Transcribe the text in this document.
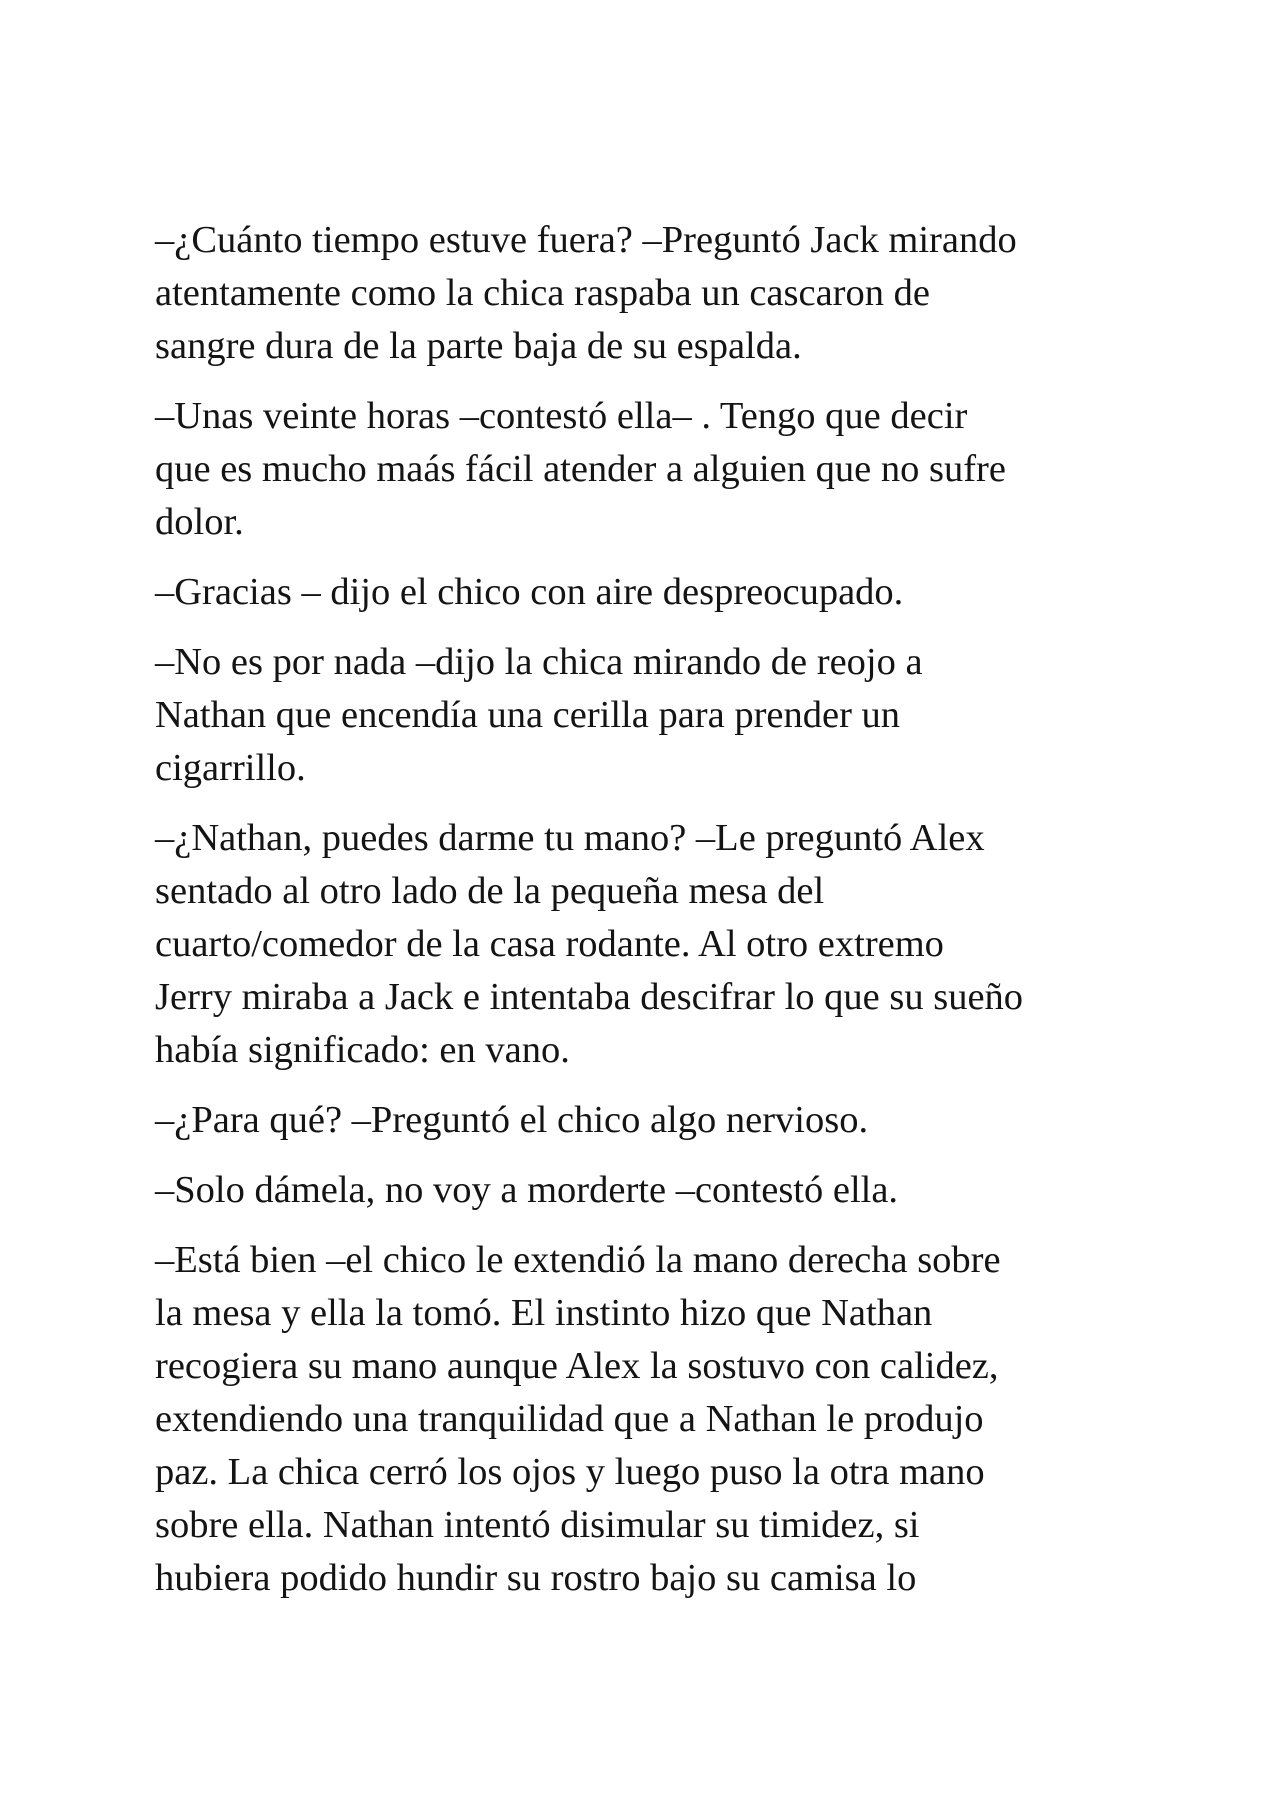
–¿Cuánto tiempo estuve fuera? –Preguntó Jack mirando
atentamente como la chica raspaba un cascaron de
sangre dura de la parte baja de su espalda.

–Unas veinte horas –contestó ella– . Tengo que decir
que es mucho maás fácil atender a alguien que no sufre
dolor.

–Gracias – dijo el chico con aire despreocupado.

–No es por nada –dijo la chica mirando de reojo a
Nathan que encendía una cerilla para prender un
cigarrillo.

–¿Nathan, puedes darme tu mano? –Le preguntó Alex
sentado al otro lado de la pequeña mesa del
cuarto/comedor de la casa rodante. Al otro extremo
Jerry miraba a Jack e intentaba descifrar lo que su sueño
había significado: en vano.

–¿Para qué? –Preguntó el chico algo nervioso.

–Solo dámela, no voy a morderte –contestó ella.

–Está bien –el chico le extendió la mano derecha sobre
la mesa y ella la tomó. El instinto hizo que Nathan
recogiera su mano aunque Alex la sostuvo con calidez,
extendiendo una tranquilidad que a Nathan le produjo
paz. La chica cerró los ojos y luego puso la otra mano
sobre ella. Nathan intentó disimular su timidez, si
hubiera podido hundir su rostro bajo su camisa lo
